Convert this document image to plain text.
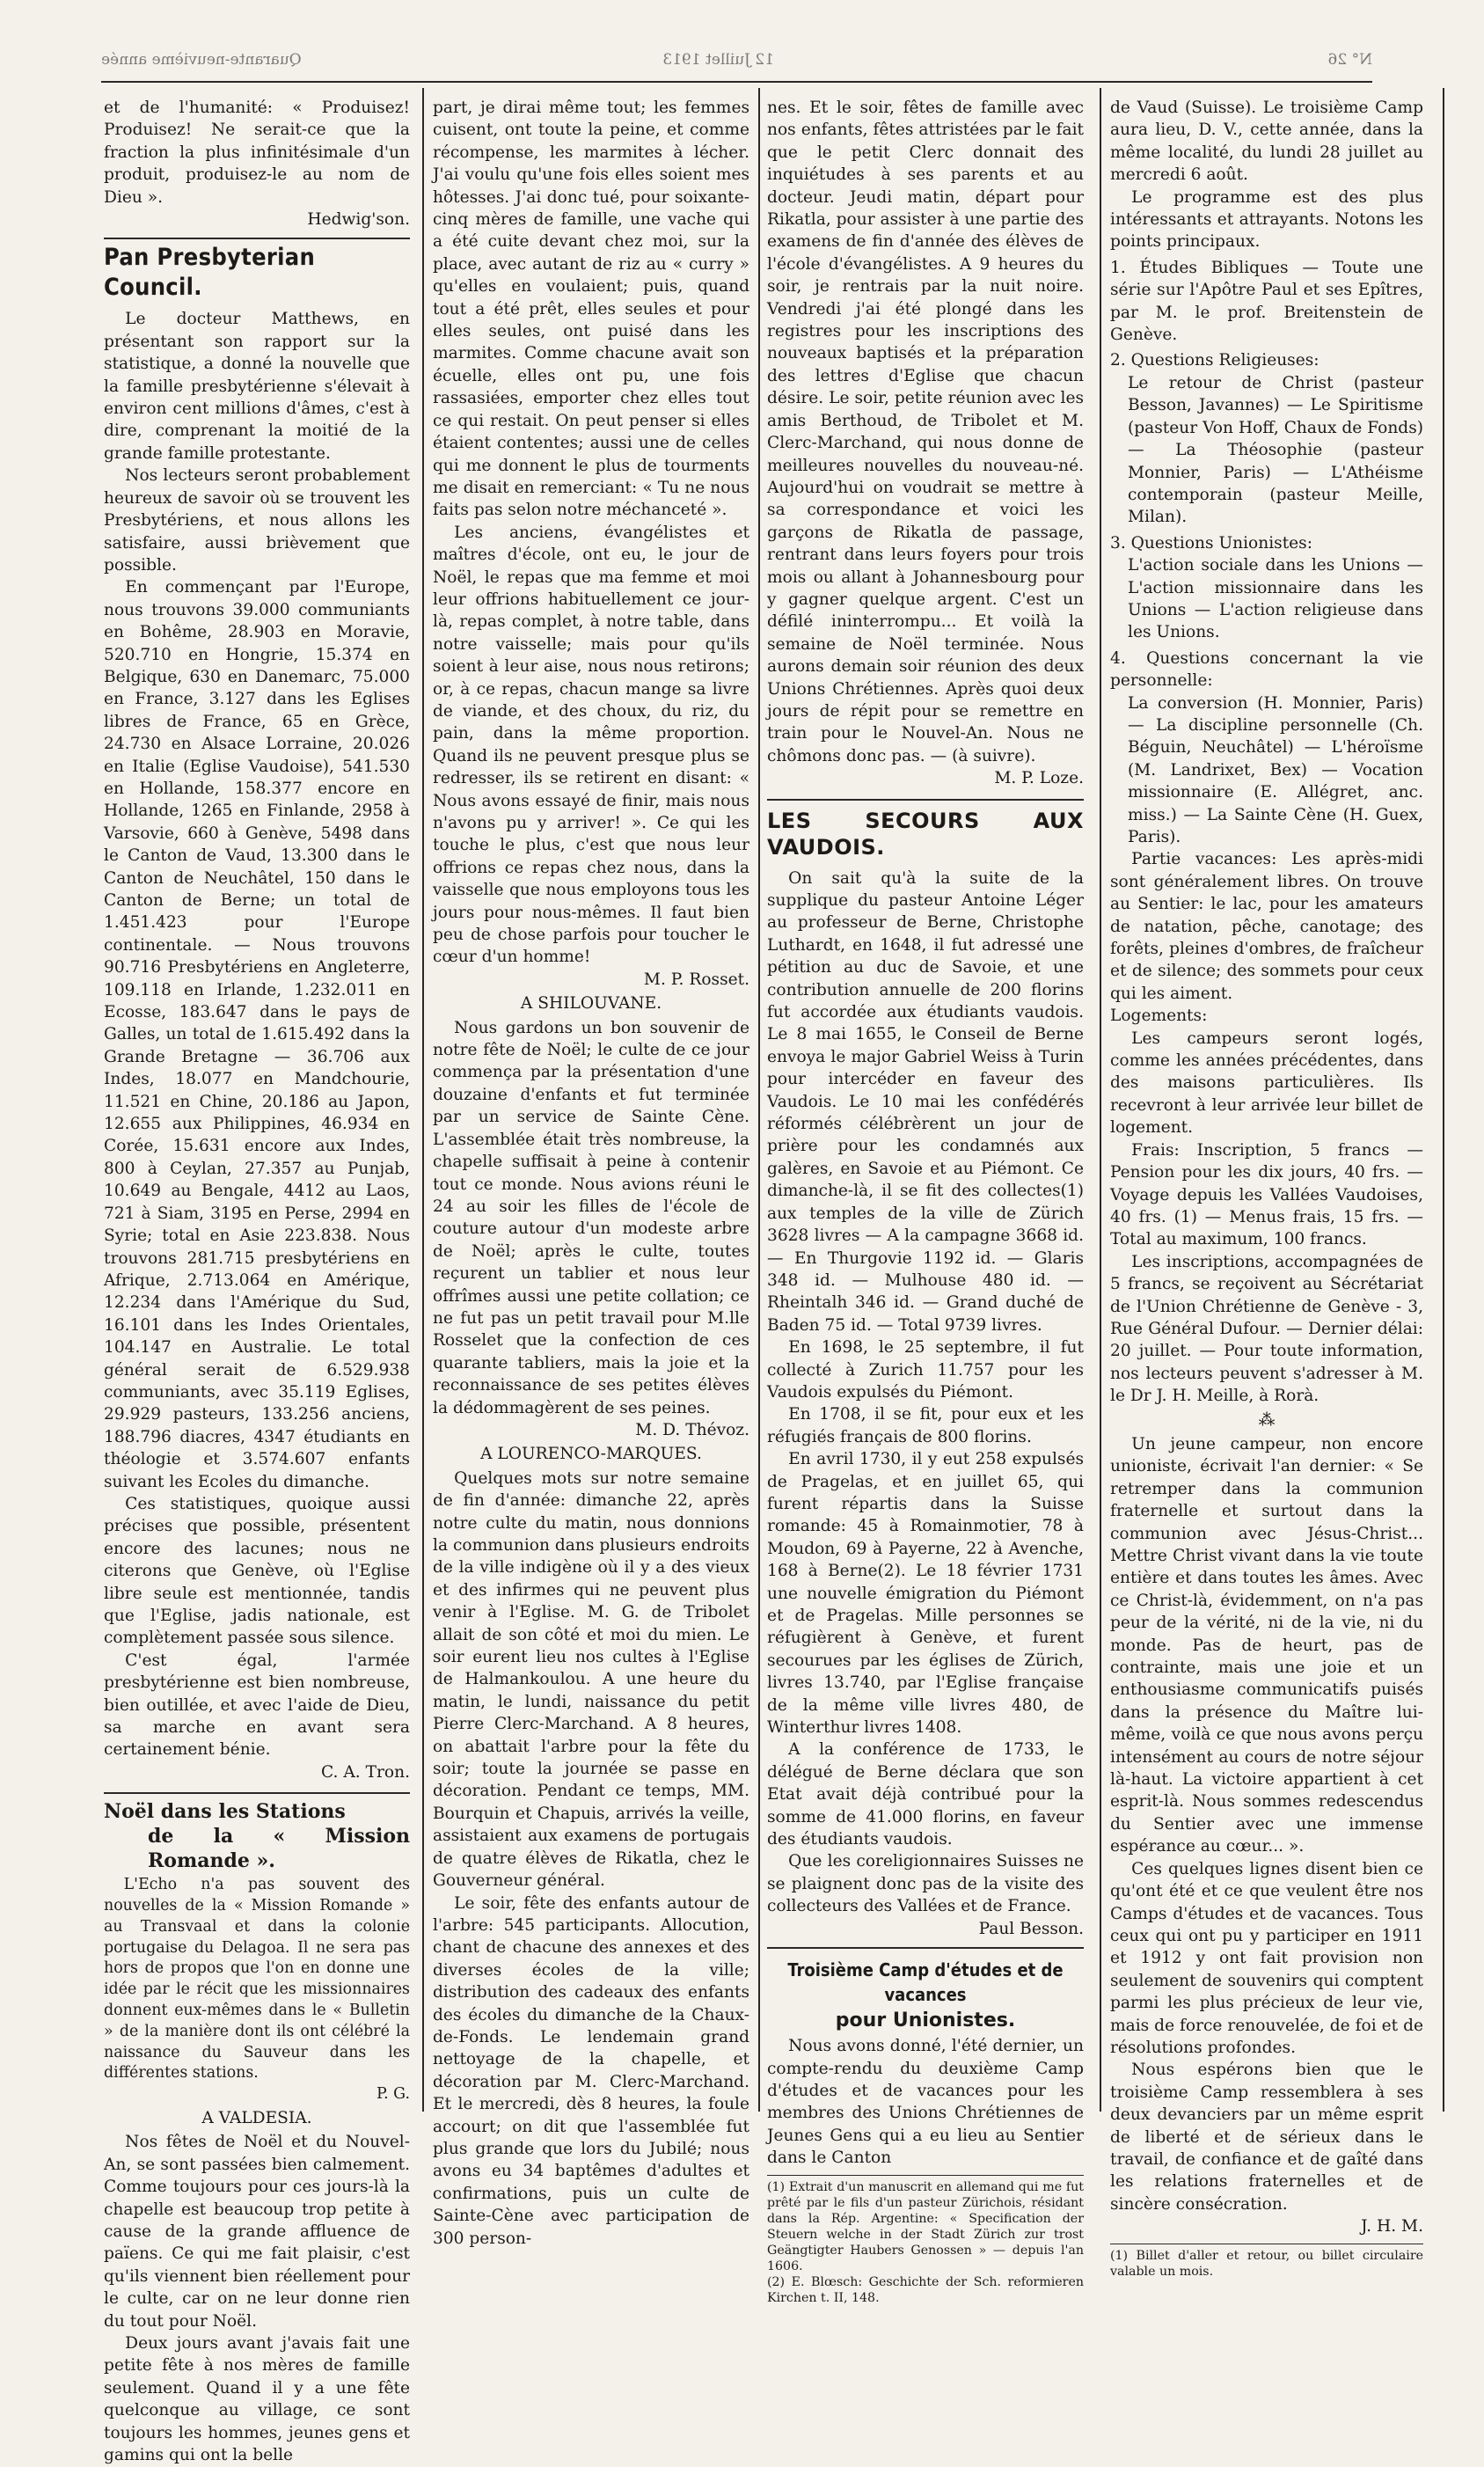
N° 26
12 Juillet 1913
Quarante-neuvième année

et de l'humanité: « Produisez! Produisez! Ne serait-ce que la fraction la plus infinitésimale d'un produit, produisez-le au nom de Dieu ».

Hedwig'son.
Pan Presbyterian Council.

Le docteur Matthews, en présentant son rapport sur la statistique, a donné la nouvelle que la famille presbytérienne s'élevait à environ cent millions d'âmes, c'est à dire, comprenant la moitié de la grande famille protestante.

Nos lecteurs seront probablement heureux de savoir où se trouvent les Presbytériens, et nous allons les satisfaire, aussi brièvement que possible.

En commençant par l'Europe, nous trouvons 39.000 communiants en Bohême, 28.903 en Moravie, 520.710 en Hongrie, 15.374 en Belgique, 630 en Danemarc, 75.000 en France, 3.127 dans les Eglises libres de France, 65 en Grèce, 24.730 en Alsace Lorraine, 20.026 en Italie (Eglise Vaudoise), 541.530 en Hollande, 158.377 encore en Hollande, 1265 en Finlande, 2958 à Varsovie, 660 à Genève, 5498 dans le Canton de Vaud, 13.300 dans le Canton de Neuchâtel, 150 dans le Canton de Berne; un total de 1.451.423 pour l'Europe continentale. — Nous trouvons 90.716 Presbytériens en Angleterre, 109.118 en Irlande, 1.232.011 en Ecosse, 183.647 dans le pays de Galles, un total de 1.615.492 dans la Grande Bretagne — 36.706 aux Indes, 18.077 en Mandchourie, 11.521 en Chine, 20.186 au Japon, 12.655 aux Philippines, 46.934 en Corée, 15.631 encore aux Indes, 800 à Ceylan, 27.357 au Punjab, 10.649 au Bengale, 4412 au Laos, 721 à Siam, 3195 en Perse, 2994 en Syrie; total en Asie 223.838. Nous trouvons 281.715 presbytériens en Afrique, 2.713.064 en Amérique, 12.234 dans l'Amérique du Sud, 16.101 dans les Indes Orientales, 104.147 en Australie. Le total général serait de 6.529.938 communiants, avec 35.119 Eglises, 29.929 pasteurs, 133.256 anciens, 188.796 diacres, 4347 étudiants en théologie et 3.574.607 enfants suivant les Ecoles du dimanche.

Ces statistiques, quoique aussi précises que possible, présentent encore des lacunes; nous ne citerons que Genève, où l'Eglise libre seule est mentionnée, tandis que l'Eglise, jadis nationale, est complètement passée sous silence.

C'est égal, l'armée presbytérienne est bien nombreuse, bien outillée, et avec l'aide de Dieu, sa marche en avant sera certainement bénie.

C. A. Tron.
Noël dans les Stations
de la « Mission Romande ».

L'Echo n'a pas souvent des nouvelles de la « Mission Romande » au Transvaal et dans la colonie portugaise du Delagoa. Il ne sera pas hors de propos que l'on en donne une idée par le récit que les missionnaires donnent eux-mêmes dans le « Bulletin » de la manière dont ils ont célébré la naissance du Sauveur dans les différentes stations.

P. G.
A VALDESIA.

Nos fêtes de Noël et du Nouvel-An, se sont passées bien calmement. Comme toujours pour ces jours-là la chapelle est beaucoup trop petite à cause de la grande affluence de païens. Ce qui me fait plaisir, c'est qu'ils viennent bien réellement pour le culte, car on ne leur donne rien du tout pour Noël.

Deux jours avant j'avais fait une petite fête à nos mères de famille seulement. Quand il y a une fête quelconque au village, ce sont toujours les hommes, jeunes gens et gamins qui ont la belle

part, je dirai même tout; les femmes cuisent, ont toute la peine, et comme récompense, les marmites à lécher. J'ai voulu qu'une fois elles soient mes hôtesses. J'ai donc tué, pour soixante-cinq mères de famille, une vache qui a été cuite devant chez moi, sur la place, avec autant de riz au « curry » qu'elles en voulaient; puis, quand tout a été prêt, elles seules et pour elles seules, ont puisé dans les marmites. Comme chacune avait son écuelle, elles ont pu, une fois rassasiées, emporter chez elles tout ce qui restait. On peut penser si elles étaient contentes; aussi une de celles qui me donnent le plus de tourments me disait en remerciant: « Tu ne nous faits pas selon notre méchanceté ».

Les anciens, évangélistes et maîtres d'école, ont eu, le jour de Noël, le repas que ma femme et moi leur offrions habituellement ce jour-là, repas complet, à notre table, dans notre vaisselle; mais pour qu'ils soient à leur aise, nous nous retirons; or, à ce repas, chacun mange sa livre de viande, et des choux, du riz, du pain, dans la même proportion. Quand ils ne peuvent presque plus se redresser, ils se retirent en disant: « Nous avons essayé de finir, mais nous n'avons pu y arriver! ». Ce qui les touche le plus, c'est que nous leur offrions ce repas chez nous, dans la vaisselle que nous employons tous les jours pour nous-mêmes. Il faut bien peu de chose parfois pour toucher le cœur d'un homme!

M. P. Rosset.
A SHILOUVANE.

Nous gardons un bon souvenir de notre fête de Noël; le culte de ce jour commença par la présentation d'une douzaine d'enfants et fut terminée par un service de Sainte Cène. L'assemblée était très nombreuse, la chapelle suffisait à peine à contenir tout ce monde. Nous avions réuni le 24 au soir les filles de l'école de couture autour d'un modeste arbre de Noël; après le culte, toutes reçurent un tablier et nous leur offrîmes aussi une petite collation; ce ne fut pas un petit travail pour M.lle Rosselet que la confection de ces quarante tabliers, mais la joie et la reconnaissance de ses petites élèves la dédommagèrent de ses peines.

M. D. Thévoz.
A LOURENCO-MARQUES.

Quelques mots sur notre semaine de fin d'année: dimanche 22, après notre culte du matin, nous donnions la communion dans plusieurs endroits de la ville indigène où il y a des vieux et des infirmes qui ne peuvent plus venir à l'Eglise. M. G. de Tribolet allait de son côté et moi du mien. Le soir eurent lieu nos cultes à l'Eglise de Halmankoulou. A une heure du matin, le lundi, naissance du petit Pierre Clerc-Marchand. A 8 heures, on abattait l'arbre pour la fête du soir; toute la journée se passe en décoration. Pendant ce temps, MM. Bourquin et Chapuis, arrivés la veille, assistaient aux examens de portugais de quatre élèves de Rikatla, chez le Gouverneur général.

Le soir, fête des enfants autour de l'arbre: 545 participants. Allocution, chant de chacune des annexes et des diverses écoles de la ville; distribution des cadeaux des enfants des écoles du dimanche de la Chaux-de-Fonds. Le lendemain grand nettoyage de la chapelle, et décoration par M. Clerc-Marchand. Et le mercredi, dès 8 heures, la foule accourt; on dit que l'assemblée fut plus grande que lors du Jubilé; nous avons eu 34 baptêmes d'adultes et confirmations, puis un culte de Sainte-Cène avec participation de 300 person-

nes. Et le soir, fêtes de famille avec nos enfants, fêtes attristées par le fait que le petit Clerc donnait des inquiétudes à ses parents et au docteur. Jeudi matin, départ pour Rikatla, pour assister à une partie des examens de fin d'année des élèves de l'école d'évangélistes. A 9 heures du soir, je rentrais par la nuit noire. Vendredi j'ai été plongé dans les registres pour les inscriptions des nouveaux baptisés et la préparation des lettres d'Eglise que chacun désire. Le soir, petite réunion avec les amis Berthoud, de Tribolet et M. Clerc-Marchand, qui nous donne de meilleures nouvelles du nouveau-né. Aujourd'hui on voudrait se mettre à sa correspondance et voici les garçons de Rikatla de passage, rentrant dans leurs foyers pour trois mois ou allant à Johannesbourg pour y gagner quelque argent. C'est un défilé ininterrompu... Et voilà la semaine de Noël terminée. Nous aurons demain soir réunion des deux Unions Chrétiennes. Après quoi deux jours de répit pour se remettre en train pour le Nouvel-An. Nous ne chômons donc pas. — (à suivre).

M. P. Loze.
LES SECOURS AUX VAUDOIS.

On sait qu'à la suite de la supplique du pasteur Antoine Léger au professeur de Berne, Christophe Luthardt, en 1648, il fut adressé une pétition au duc de Savoie, et une contribution annuelle de 200 florins fut accordée aux étudiants vaudois. Le 8 mai 1655, le Conseil de Berne envoya le major Gabriel Weiss à Turin pour intercéder en faveur des Vaudois. Le 10 mai les confédérés réformés célébrèrent un jour de prière pour les condamnés aux galères, en Savoie et au Piémont. Ce dimanche-là, il se fit des collectes(1) aux temples de la ville de Zürich 3628 livres — A la campagne 3668 id. — En Thurgovie 1192 id. — Glaris 348 id. — Mulhouse 480 id. — Rheintalh 346 id. — Grand duché de Baden 75 id. — Total 9739 livres.

En 1698, le 25 septembre, il fut collecté à Zurich 11.757 pour les Vaudois expulsés du Piémont.

En 1708, il se fit, pour eux et les réfugiés français de 800 florins.

En avril 1730, il y eut 258 expulsés de Pragelas, et en juillet 65, qui furent répartis dans la Suisse romande: 45 à Romainmotier, 78 à Moudon, 69 à Payerne, 22 à Avenche, 168 à Berne(2). Le 18 février 1731 une nouvelle émigration du Piémont et de Pragelas. Mille personnes se réfugièrent à Genève, et furent secourues par les églises de Zürich, livres 13.740, par l'Eglise française de la même ville livres 480, de Winterthur livres 1408.

A la conférence de 1733, le délégué de Berne déclara que son Etat avait déjà contribué pour la somme de 41.000 florins, en faveur des étudiants vaudois.

Que les coreligionnaires Suisses ne se plaignent donc pas de la visite des collecteurs des Vallées et de France.

Paul Besson.
Troisième Camp d'études et de vacances
pour Unionistes.

Nous avons donné, l'été dernier, un compte-rendu du deuxième Camp d'études et de vacances pour les membres des Unions Chrétiennes de Jeunes Gens qui a eu lieu au Sentier dans le Canton

(1) Extrait d'un manuscrit en allemand qui me fut prêté par le fils d'un pasteur Zürichois, résidant dans la Rép. Argentine: « Specification der Steuern welche in der Stadt Zürich zur trost Geängtigter Haubers Genossen » — depuis l'an 1606.

(2) E. Blœsch: Geschichte der Sch. reformieren Kirchen t. II, 148.

de Vaud (Suisse). Le troisième Camp aura lieu, D. V., cette année, dans la même localité, du lundi 28 juillet au mercredi 6 août.

Le programme est des plus intéressants et attrayants. Notons les points principaux.

1. Études Bibliques — Toute une série sur l'Apôtre Paul et ses Epîtres, par M. le prof. Breitenstein de Genève.

2. Questions Religieuses:

Le retour de Christ (pasteur Besson, Javannes) — Le Spiritisme (pasteur Von Hoff, Chaux de Fonds) — La Théosophie (pasteur Monnier, Paris) — L'Athéisme contemporain (pasteur Meille, Milan).

3. Questions Unionistes:

L'action sociale dans les Unions — L'action missionnaire dans les Unions — L'action religieuse dans les Unions.

4. Questions concernant la vie personnelle:

La conversion (H. Monnier, Paris) — La discipline personnelle (Ch. Béguin, Neuchâtel) — L'héroïsme (M. Landrixet, Bex) — Vocation missionnaire (E. Allégret, anc. miss.) — La Sainte Cène (H. Guex, Paris).

Partie vacances: Les après-midi sont généralement libres. On trouve au Sentier: le lac, pour les amateurs de natation, pêche, canotage; des forêts, pleines d'ombres, de fraîcheur et de silence; des sommets pour ceux qui les aiment.

Logements:

Les campeurs seront logés, comme les années précédentes, dans des maisons particulières. Ils recevront à leur arrivée leur billet de logement.

Frais: Inscription, 5 francs — Pension pour les dix jours, 40 frs. — Voyage depuis les Vallées Vaudoises, 40 frs. (1) — Menus frais, 15 frs. — Total au maximum, 100 francs.

Les inscriptions, accompagnées de 5 francs, se reçoivent au Sécrétariat de l'Union Chrétienne de Genève - 3, Rue Général Dufour. — Dernier délai: 20 juillet. — Pour toute information, nos lecteurs peuvent s'adresser à M. le Dr J. H. Meille, à Rorà.

⁂

Un jeune campeur, non encore unioniste, écrivait l'an dernier: « Se retremper dans la communion fraternelle et surtout dans la communion avec Jésus-Christ... Mettre Christ vivant dans la vie toute entière et dans toutes les âmes. Avec ce Christ-là, évidemment, on n'a pas peur de la vérité, ni de la vie, ni du monde. Pas de heurt, pas de contrainte, mais une joie et un enthousiasme communicatifs puisés dans la présence du Maître lui-même, voilà ce que nous avons perçu intensément au cours de notre séjour là-haut. La victoire appartient à cet esprit-là. Nous sommes redescendus du Sentier avec une immense espérance au cœur... ».

Ces quelques lignes disent bien ce qu'ont été et ce que veulent être nos Camps d'études et de vacances. Tous ceux qui ont pu y participer en 1911 et 1912 y ont fait provision non seulement de souvenirs qui comptent parmi les plus précieux de leur vie, mais de force renouvelée, de foi et de résolutions profondes.

Nous espérons bien que le troisième Camp ressemblera à ses deux devanciers par un même esprit de liberté et de sérieux dans le travail, de confiance et de gaîté dans les relations fraternelles et de sincère consécration.

J. H. M.

(1) Billet d'aller et retour, ou billet circulaire valable un mois.
